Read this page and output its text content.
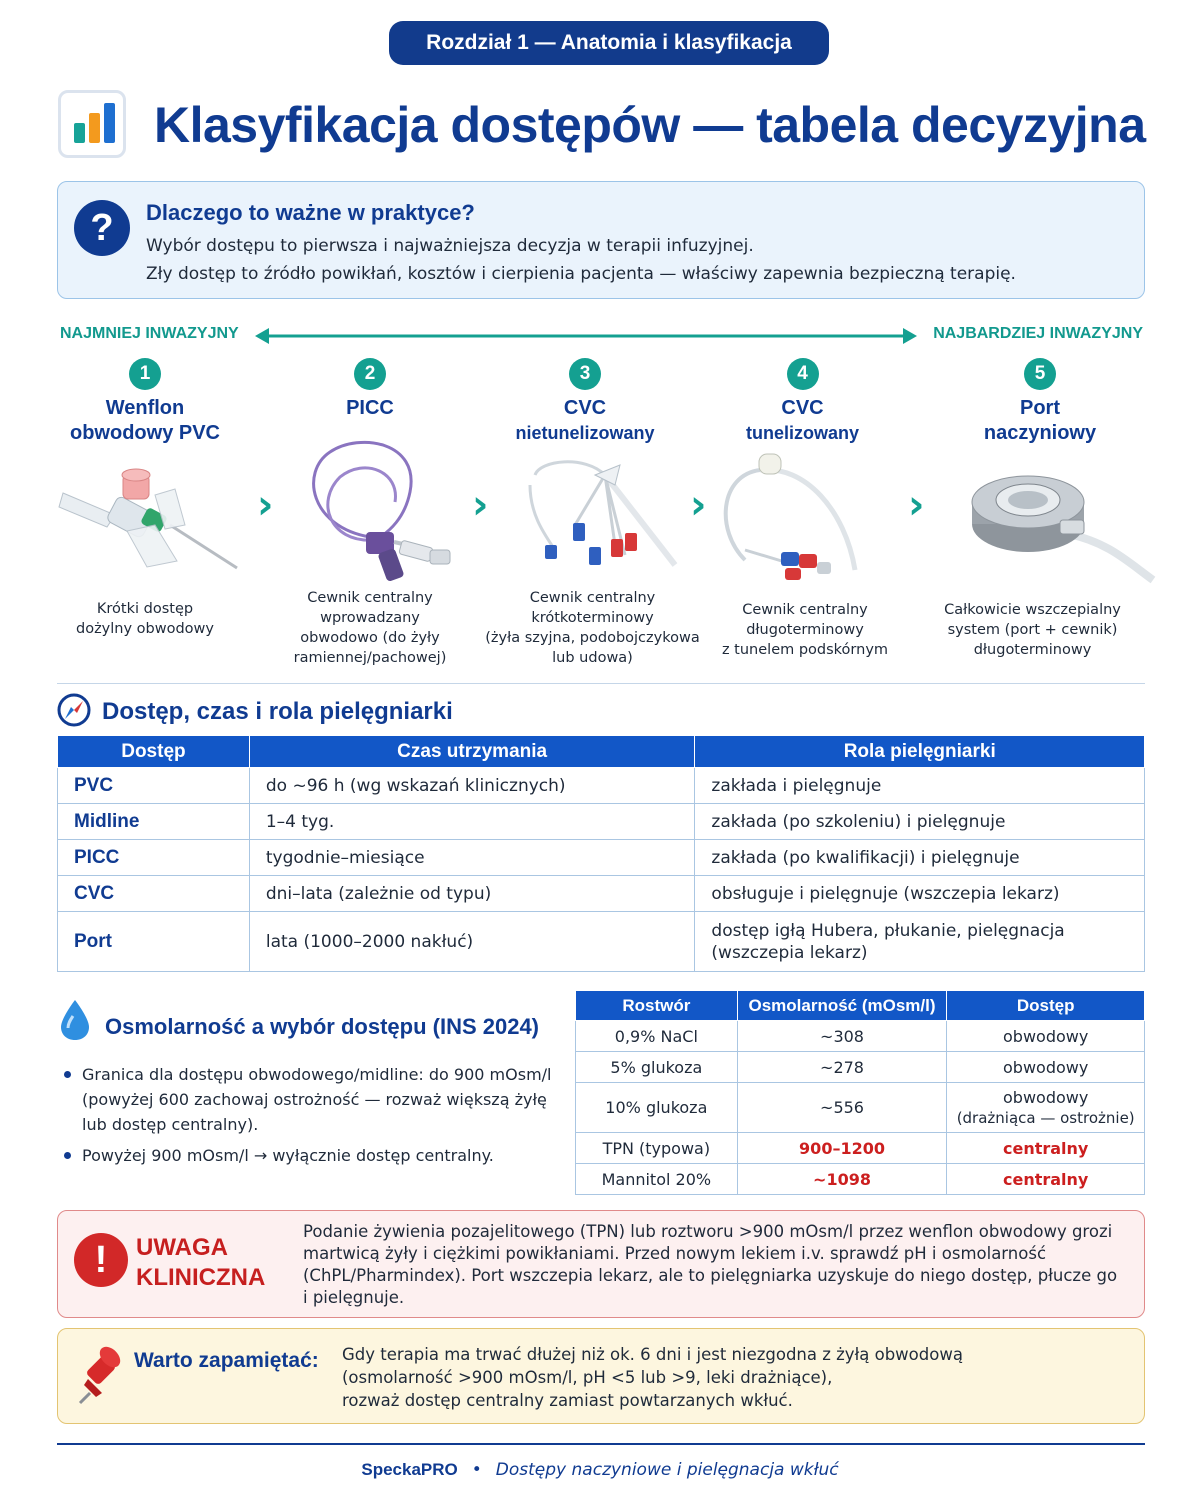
Rozdział 1 — Anatomia i klasyfikacja
Klasyfikacja dostępów — tabela decyzyjna
?	Dlaczego to ważne w praktyce?
Wybór dostępu to pierwsza i najważniejsza decyzja w terapii infuzyjnej.
Zły dostęp to źródło powikłań, kosztów i cierpienia pacjenta — właściwy zapewnia bezpieczną terapię.
NAJMNIEJ INWAZYJNY	NAJBARDZIEJ INWAZYJNY
1
Wenflon
obwodowy PVC
2
PICC
3
CVC
nietunelizowany
4
CVC
tunelizowany
5
Port
naczyniowy
›	›	›	›
Krótki dostęp
dożylny obwodowy
Cewnik centralny
wprowadzany
obwodowo (do żyły
ramiennej/pachowej)
Cewnik centralny
krótkoterminowy
(żyła szyjna, podobojczykowa
lub udowa)
Cewnik centralny
długoterminowy
z tunelem podskórnym
Całkowicie wszczepialny
system (port + cewnik)
długoterminowy
Dostęp, czas i rola pielęgniarki
Dostęp	Czas utrzymania	Rola pielęgniarki
PVC	do ~96 h (wg wskazań klinicznych)	zakłada i pielęgnuje
Midline	1–4 tyg.	zakłada (po szkoleniu) i pielęgnuje
PICC	tygodnie–miesiące	zakłada (po kwalifikacji) i pielęgnuje
CVC	dni–lata (zależnie od typu)	obsługuje i pielęgnuje (wszczepia lekarz)
Port	lata (1000–2000 nakłuć)	dostęp igłą Hubera, płukanie, pielęgnacja
(wszczepia lekarz)
Osmolarność a wybór dostępu (INS 2024)
Granica dla dostępu obwodowego/midline: do 900 mOsm/l (powyżej 600 zachowaj ostrożność — rozważ większą żyłę lub dostęp centralny).
Powyżej 900 mOsm/l → wyłącznie dostęp centralny.
Rostwór	Osmolarność (mOsm/l)	Dostęp
0,9% NaCl	~308	obwodowy
5% glukoza	~278	obwodowy
10% glukoza	~556	obwodowy
(drażniąca — ostrożnie)

TPN (typowa)	900–1200	centralny
Mannitol 20%	~1098	centralny
!	UWAGA
KLINICZNA
Podanie żywienia pozajelitowego (TPN) lub roztworu >900 mOsm/l przez wenflon obwodowy grozi martwicą żyły i ciężkimi powikłaniami. Przed nowym lekiem i.v. sprawdź pH i osmolarność (ChPL/Pharmindex). Port wszczepia lekarz, ale to pielęgniarka uzyskuje do niego dostęp, płucze go i pielęgnuje.
Warto zapamiętać: Gdy terapia ma trwać dłużej niż ok. 6 dni i jest niezgodna z żyłą obwodową
(osmolarność >900 mOsm/l, pH <5 lub >9, leki drażniące),
rozważ dostęp centralny zamiast powtarzanych wkłuć.
SpeckaPRO • Dostępy naczyniowe i pielęgnacja wkłuć
